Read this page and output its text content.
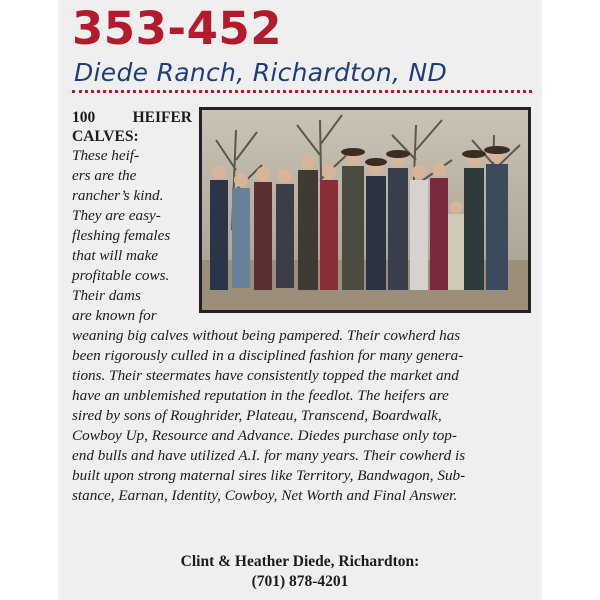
353-452
Diede Ranch, Richardton, ND
100 HEIFER CALVES:
These heif-
ers are the
rancher’s kind.
They are easy-
fleshing females
that will make
profitable cows.
Their dams
are known for
weaning big calves without being pampered. Their cowherd has
been rigorously culled in a disciplined fashion for many genera-
tions. Their steermates have consistently topped the market and
have an unblemished reputation in the feedlot. The heifers are
sired by sons of Roughrider, Plateau, Transcend, Boardwalk,
Cowboy Up, Resource and Advance. Diedes purchase only top-
end bulls and have utilized A.I. for many years. Their cowherd is
built upon strong maternal sires like Territory, Bandwagon, Sub-
stance, Earnan, Identity, Cowboy, Net Worth and Final Answer.
Clint & Heather Diede, Richardton:
(701) 878-4201
